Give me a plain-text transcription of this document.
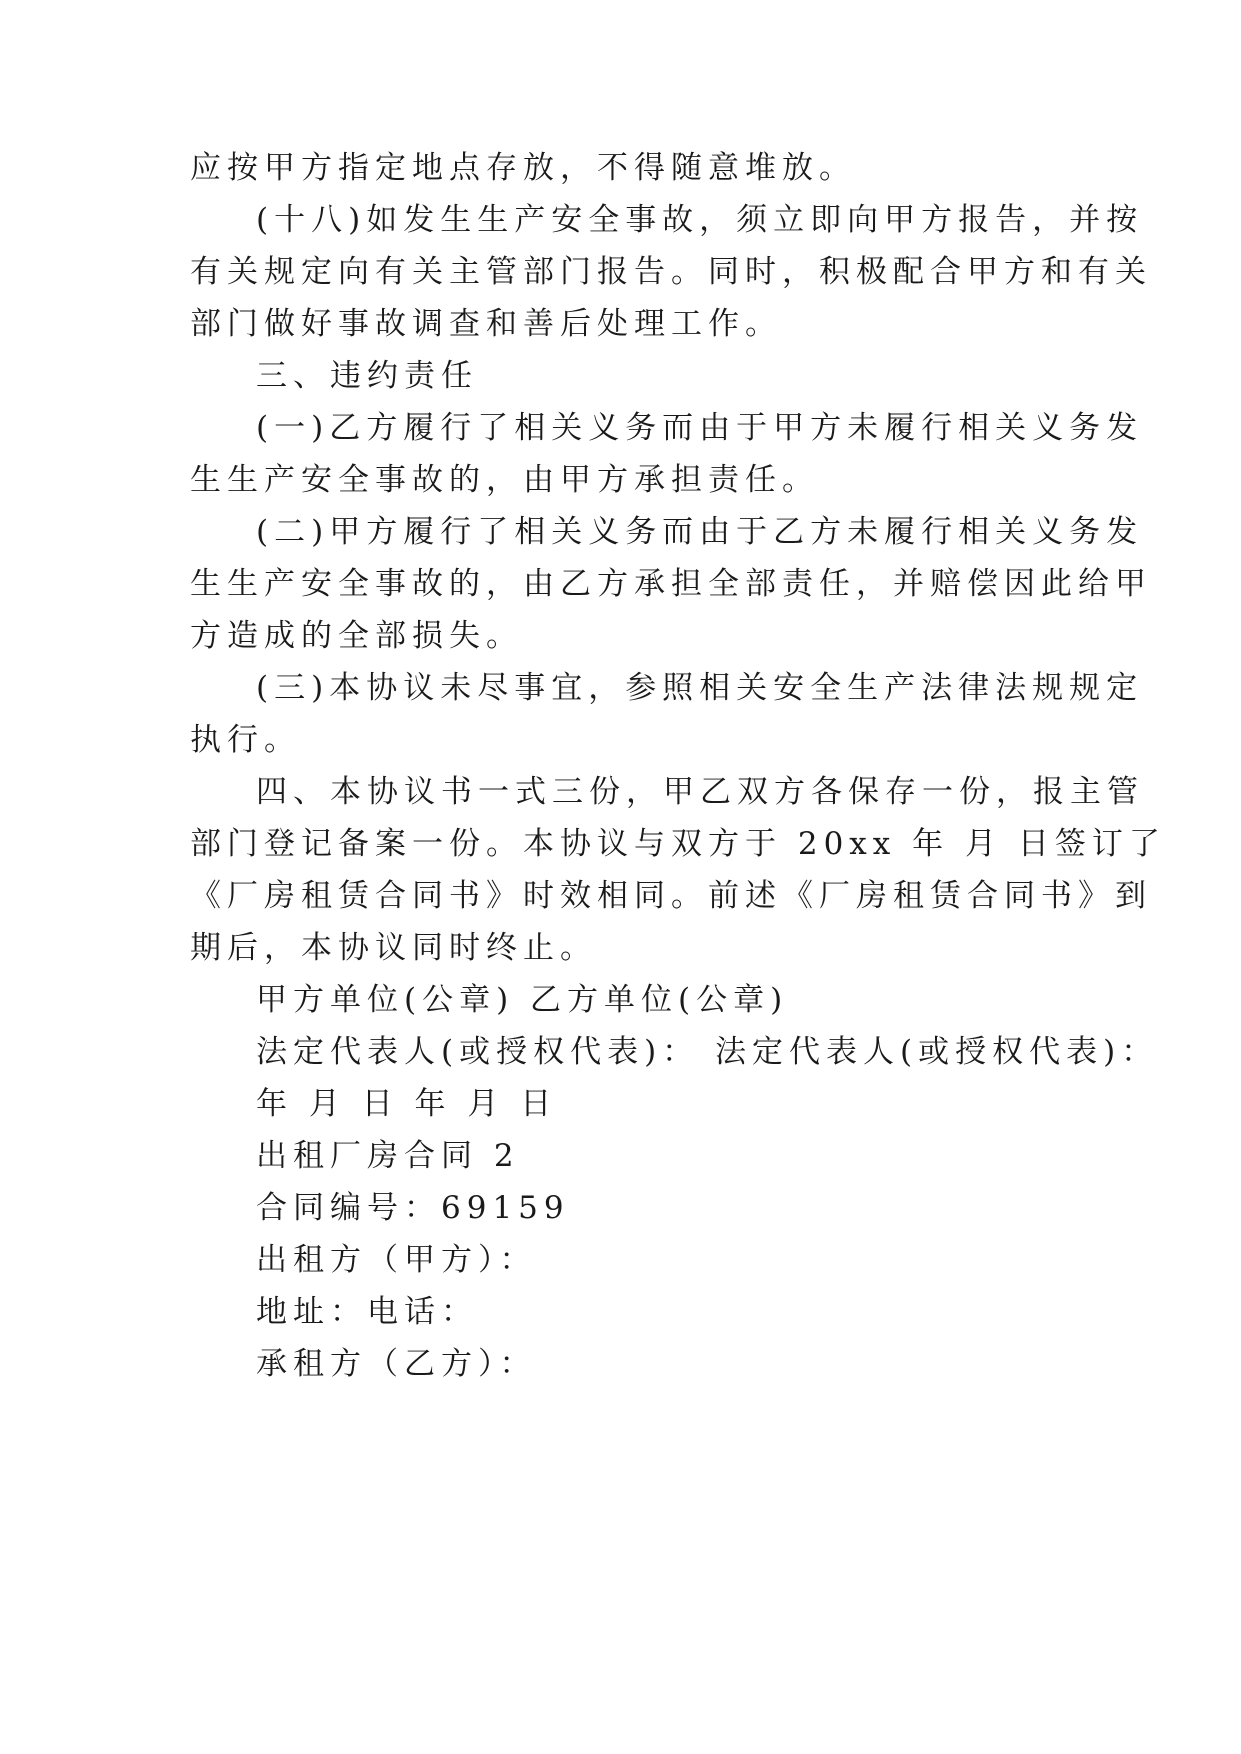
应按甲方指定地点存放，不得随意堆放。
(十八)如发生生产安全事故，须立即向甲方报告，并按
有关规定向有关主管部门报告。同时，积极配合甲方和有关
部门做好事故调查和善后处理工作。
三、违约责任
(一)乙方履行了相关义务而由于甲方未履行相关义务发
生生产安全事故的，由甲方承担责任。
(二)甲方履行了相关义务而由于乙方未履行相关义务发
生生产安全事故的，由乙方承担全部责任，并赔偿因此给甲
方造成的全部损失。
(三)本协议未尽事宜，参照相关安全生产法律法规规定
执行。
四、本协议书一式三份，甲乙双方各保存一份，报主管
部门登记备案一份。本协议与双方于 20xx 年 月 日签订了
《厂房租赁合同书》时效相同。前述《厂房租赁合同书》到
期后，本协议同时终止。
甲方单位(公章) 乙方单位(公章)
法定代表人(或授权代表)： 法定代表人(或授权代表)：
年 月 日 年 月 日
出租厂房合同 2
合同编号：69159
出租方（甲方）：
地址：电话：
承租方（乙方）：
